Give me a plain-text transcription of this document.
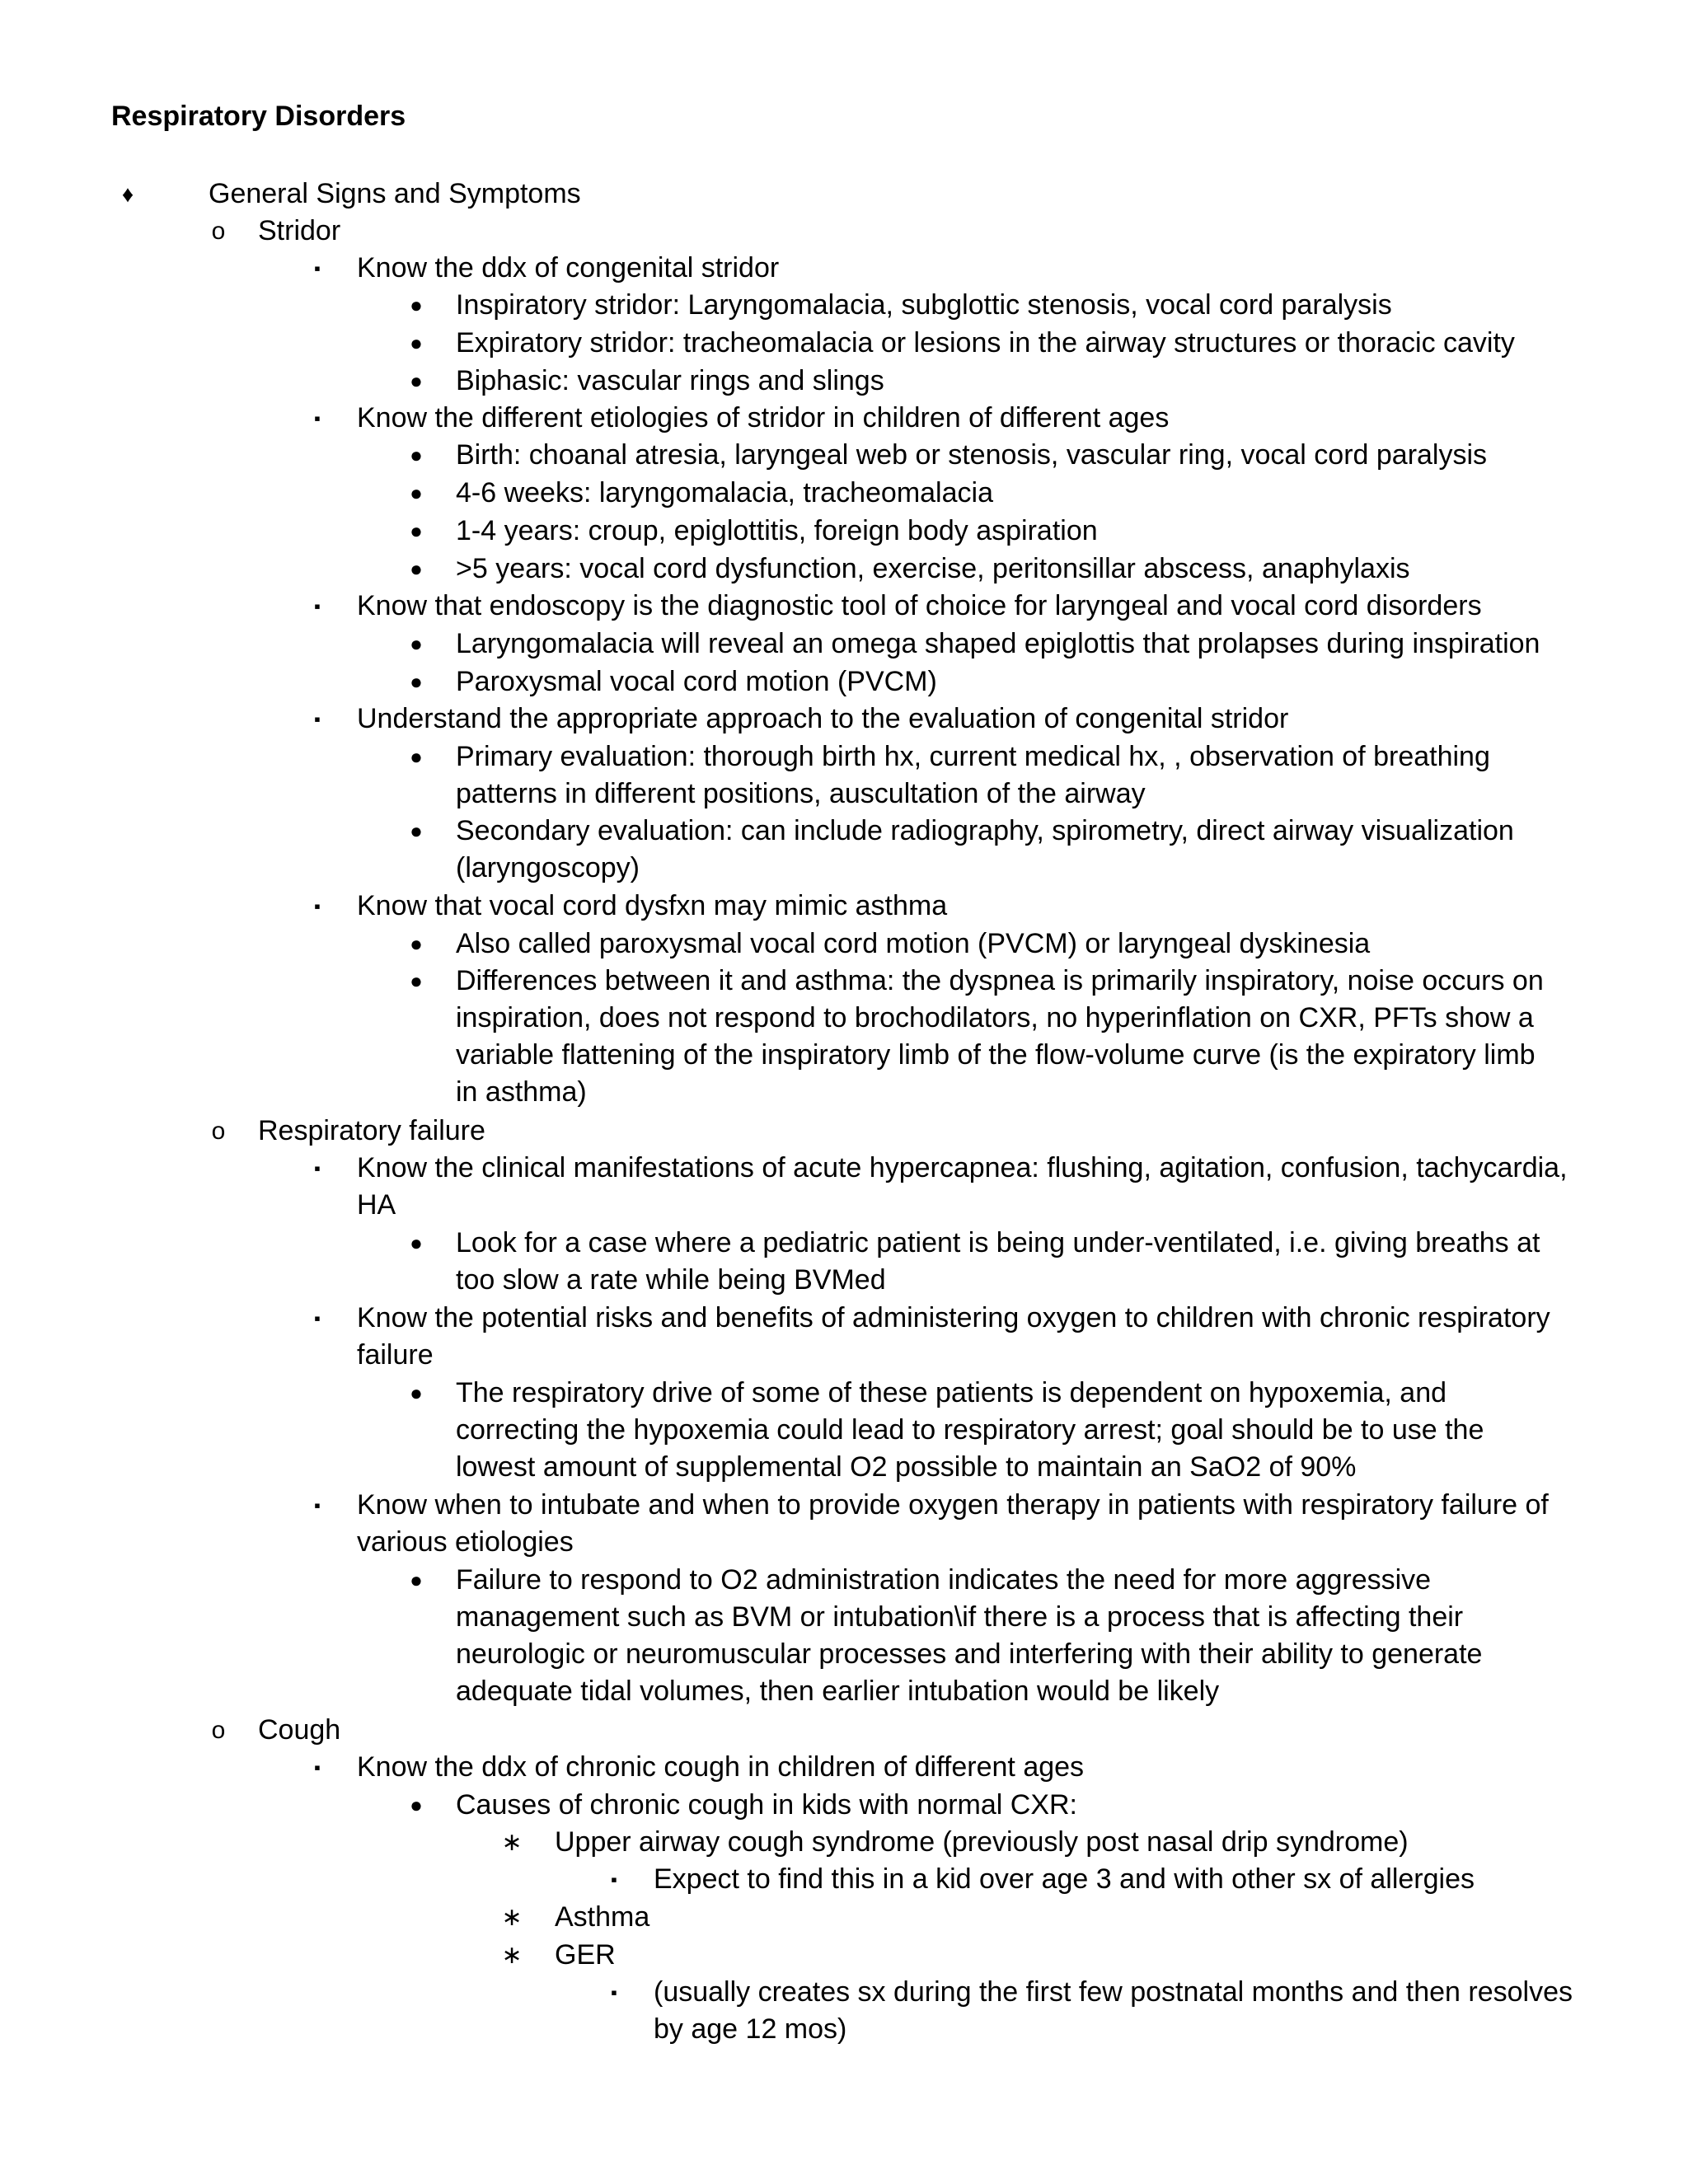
Respiratory Disorders
♦	General Signs and Symptoms
o	Stridor
▪	Know the ddx of congenital stridor
●	Inspiratory stridor: Laryngomalacia, subglottic stenosis, vocal cord paralysis
●	Expiratory stridor: tracheomalacia or lesions in the airway structures or thoracic cavity
●	Biphasic: vascular rings and slings
▪	Know the different etiologies of stridor in children of different ages
●	Birth: choanal atresia, laryngeal web or stenosis, vascular ring, vocal cord paralysis
●	4-6 weeks: laryngomalacia, tracheomalacia
●	1-4 years: croup, epiglottitis, foreign body aspiration
●	>5 years: vocal cord dysfunction, exercise, peritonsillar abscess, anaphylaxis
▪	Know that endoscopy is the diagnostic tool of choice for laryngeal and vocal cord disorders
●	Laryngomalacia will reveal an omega shaped epiglottis that prolapses during inspiration
●	Paroxysmal vocal cord motion (PVCM)
▪	Understand the appropriate approach to the evaluation of congenital stridor
●	Primary evaluation: thorough birth hx, current medical hx, , observation of breathing
patterns in different positions, auscultation of the airway
●	Secondary evaluation: can include radiography, spirometry, direct airway visualization
(laryngoscopy)
▪	Know that vocal cord dysfxn may mimic asthma
●	Also called paroxysmal vocal cord motion (PVCM) or laryngeal dyskinesia
●	Differences between it and asthma: the dyspnea is primarily inspiratory, noise occurs on
inspiration, does not respond to brochodilators, no hyperinflation on CXR, PFTs show a
variable flattening of the inspiratory limb of the flow-volume curve (is the expiratory limb
in asthma)
o	Respiratory failure
▪	Know the clinical manifestations of acute hypercapnea: flushing, agitation, confusion, tachycardia,
HA
●	Look for a case where a pediatric patient is being under-ventilated, i.e. giving breaths at
too slow a rate while being BVMed
▪	Know the potential risks and benefits of administering oxygen to children with chronic respiratory
failure
●	The respiratory drive of some of these patients is dependent on hypoxemia, and
correcting the hypoxemia could lead to respiratory arrest; goal should be to use the
lowest amount of supplemental O2 possible to maintain an SaO2 of 90%
▪	Know when to intubate and when to provide oxygen therapy in patients with respiratory failure of
various etiologies
●	Failure to respond to O2 administration indicates the need for more aggressive
management such as BVM or intubation\if there is a process that is affecting their
neurologic or neuromuscular processes and interfering with their ability to generate
adequate tidal volumes, then earlier intubation would be likely
o	Cough
▪	Know the ddx of chronic cough in children of different ages
●	Causes of chronic cough in kids with normal CXR:
∗ Upper airway cough syndrome (previously post nasal drip syndrome)
▪	Expect to find this in a kid over age 3 and with other sx of allergies
∗ Asthma
∗ GER
▪	(usually creates sx during the first few postnatal months and then resolves
by age 12 mos)
